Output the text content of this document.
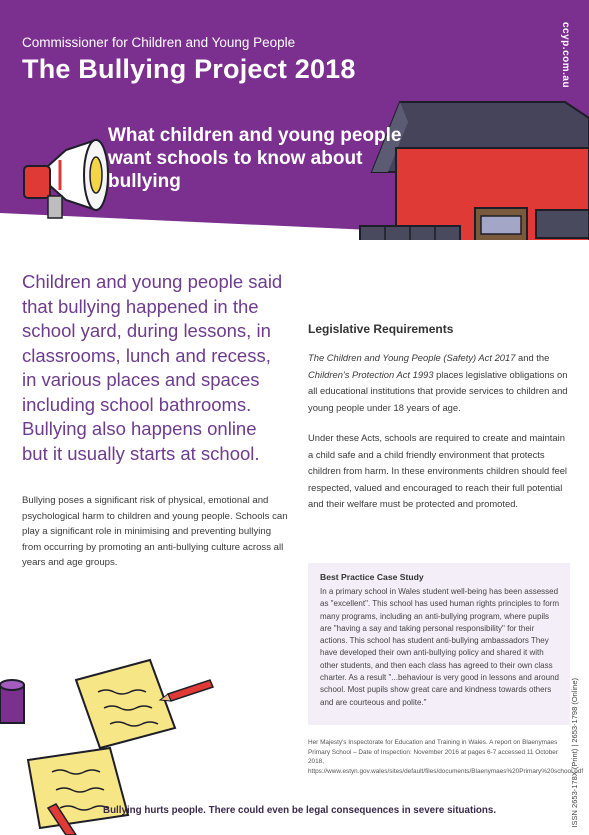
Commissioner for Children and Young People
The Bullying Project 2018	ccyp.com.au
What children and young people want schools to know about bullying
Children and young people said that bullying happened in the school yard, during lessons, in classrooms, lunch and recess, in various places and spaces including school bathrooms. Bullying also happens online but it usually starts at school.
Bullying poses a significant risk of physical, emotional and psychological harm to children and young people. Schools can play a significant role in minimising and preventing bullying from occurring by promoting an anti-bullying culture across all years and age groups.
Legislative Requirements

The Children and Young People (Safety) Act 2017 and the Children's Protection Act 1993 places legislative obligations on all educational institutions that provide services to children and young people under 18 years of age.

Under these Acts, schools are required to create and maintain a child safe and a child friendly environment that protects children from harm. In these environments children should feel respected, valued and encouraged to reach their full potential and their welfare must be protected and promoted.

Best Practice Case Study

In a primary school in Wales student well-being has been assessed as "excellent". This school has used human rights principles to form many programs, including an anti-bullying program, where pupils are "having a say and taking personal responsibility" for their actions. This school has student anti-bullying ambassadors They have developed their own anti-bullying policy and shared it with other students, and then each class has agreed to their own class charter. As a result "...behaviour is very good in lessons and around school. Most pupils show great care and kindness towards others and are courteous and polite."

Her Majesty's Inspectorate for Education and Training in Wales. A report on Blaenymaes Primary School – Date of Inspection: November 2016 at pages 6-7 accessed 11 October 2018, https://www.estyn.gov.wales/sites/default/files/documents/Blaenymaes%20Primary%20school.pdf
Bullying hurts people. There could even be legal consequences in severe situations.	ISSN 2653-178X (Print) | 2653-1798 (Online)
